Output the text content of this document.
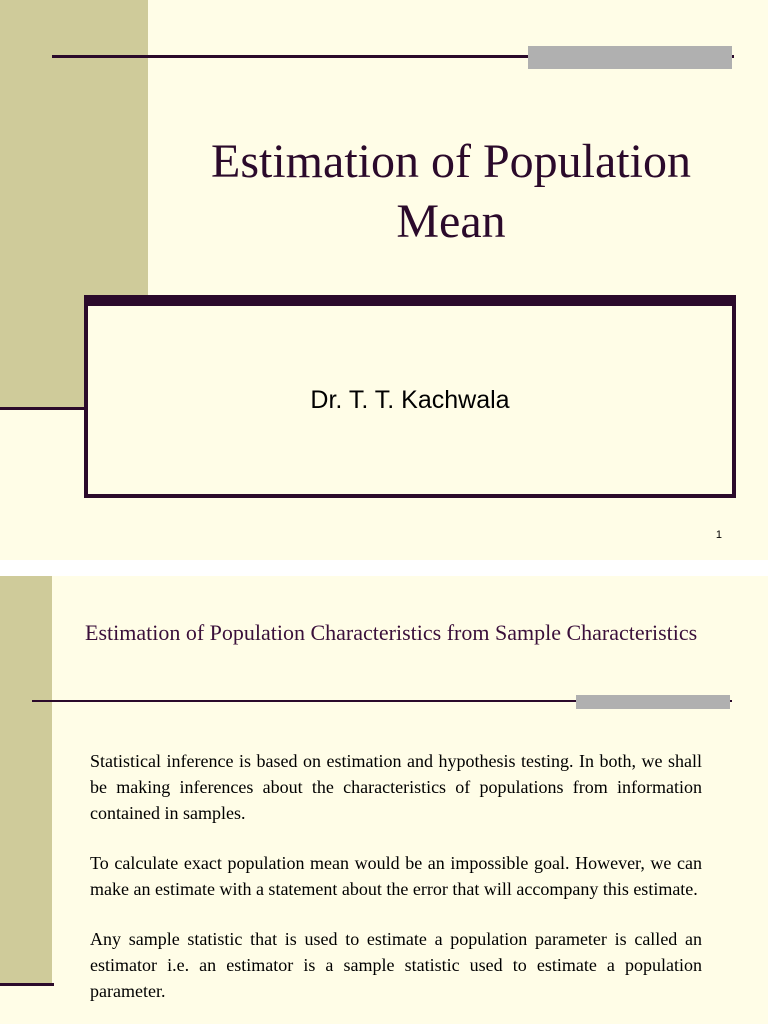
Estimation of Population Mean
Dr. T. T. Kachwala
1
Estimation of Population Characteristics from Sample Characteristics

Statistical inference is based on estimation and hypothesis testing. In both, we shall be making inferences about the characteristics of populations from information contained in samples.

To calculate exact population mean would be an impossible goal. However, we can make an estimate with a statement about the error that will accompany this estimate.

Any sample statistic that is used to estimate a population parameter is called an estimator i.e. an estimator is a sample statistic used to estimate a population parameter.
